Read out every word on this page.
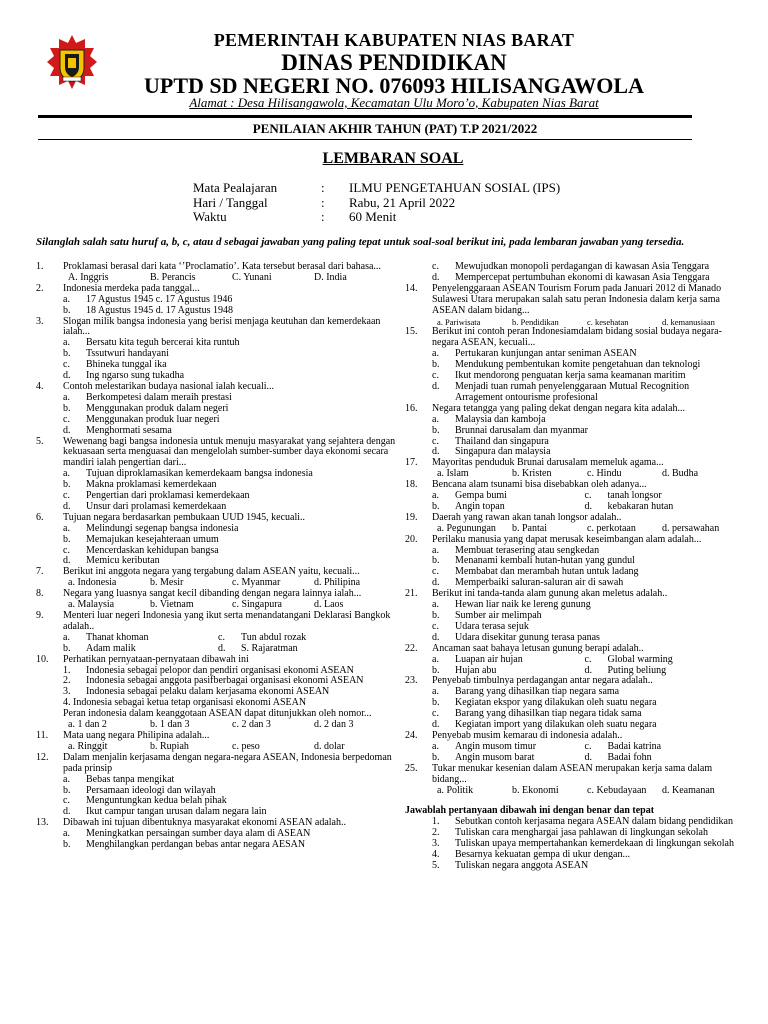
PEMERINTAH KABUPATEN NIAS BARAT
DINAS PENDIDIKAN
UPTD SD NEGERI NO. 076093 HILISANGAWOLA
Alamat : Desa Hilisangawola, Kecamatan Ulu Moro’o, Kabupaten Nias Barat
PENILAIAN AKHIR TAHUN (PAT) T.P 2021/2022
LEMBARAN SOAL
Mata Pealajaran	:	ILMU PENGETAHUAN SOSIAL (IPS)
Hari / Tanggal	:	Rabu, 21 April 2022
Waktu	:	60 Menit
Silanglah salah satu huruf a, b, c, atau d sebagai jawaban yang paling tepat untuk soal-soal berikut ini, pada lembaran jawaban yang tersedia.
1.	Proklamasi berasal dari kata ‘’Proclamatio’. Kata tersebut berasal dari bahasa...
A. Inggris	B. Perancis	C. Yunani	D. India
2.	Indonesia merdeka pada tanggal...
a.	17 Agustus 1945 c. 17 Agustus 1946
b.	18 Agustus 1945 d. 17 Agustus 1948
3.	Slogan milik bangsa indonesia yang berisi menjaga keutuhan dan kemerdekaan ialah...
a.	Bersatu kita teguh bercerai kita runtuh
b.	Tssutwuri handayani
c.	Bhineka tunggal ika
d.	Ing ngarso sung tukadha
4.	Contoh melestarikan budaya nasional ialah kecuali...
a.	Berkompetesi dalam meraih prestasi
b.	Menggunakan produk dalam negeri
c.	Menggunakan produk luar negeri
d.	Menghormati sesama
5.	Wewenang bagi bangsa indonesia untuk menuju masyarakat yang sejahtera dengan kekuasaan serta menguasai dan mengelolah sumber-sumber daya ekonomi secara mandiri ialah pengertian dari...
a.	Tujuan diproklamasikan kemerdekaam bangsa indonesia
b.	Makna proklamasi kemerdekaan
c.	Pengertian dari proklamasi kemerdekaan
d.	Unsur dari prolamasi kemerdekaan
6.	Tujuan negara berdasarkan pembukaan UUD 1945, kecuali..
a.	Melindungi segenap bangsa indonesia
b.	Memajukan kesejahteraan umum
c.	Mencerdaskan kehidupan bangsa
d.	Memicu keributan
7.	Berikut ini anggota negara yang tergabung dalam ASEAN yaitu, kecuali...
a. Indonesia	b. Mesir	c. Myanmar	d. Philipina
8.	Negara yang luasnya sangat kecil dibanding dengan negara lainnya ialah...
a. Malaysia	b. Vietnam	c. Singapura	d. Laos
9.	Menteri luar negeri Indonesia yang ikut serta menandatangani Deklarasi Bangkok adalah..
a.	Thanat khoman	c.	Tun abdul rozak
b.	Adam malik	d.	S. Rajaratman
10.	Perhatikan pernyataan-pernyataan dibawah ini
1.	Indonesia sebagai pelopor dan pendiri organisasi ekonomi ASEAN
2.	Indonesia sebagai anggota pasifberbagai organisasi ekonomi ASEAN
3.	Indonesia sebagai pelaku dalam kerjasama ekonomi ASEAN
4. Indonesia sebagai ketua tetap organisasi ekonomi ASEAN
Peran indonesia dalam keanggotaan ASEAN dapat ditunjukkan oleh nomor...
a. 1 dan 2	b. 1 dan 3	c. 2 dan 3	d. 2 dan 3
11.	Mata uang negara Philipina adalah...
a. Ringgit	b. Rupiah	c. peso	d. dolar
12.	Dalam menjalin kerjasama dengan negara-negara ASEAN, Indonesia berpedoman pada prinsip
a.	Bebas tanpa mengikat
b.	Persamaan ideologi dan wilayah
c.	Menguntungkan kedua belah pihak
d.	Ikut campur tangan urusan dalam negara lain
13.	Dibawah ini tujuan dibentuknya masyarakat ekonomi ASEAN adalah..
a.	Meningkatkan persaingan sumber daya alam di ASEAN
b.	Menghilangkan perdangan bebas antar negara AESAN
c.	Mewujudkan monopoli perdagangan di kawasan Asia Tenggara
d.	Mempercepat pertumbuhan ekonomi di kawasan Asia Tenggara
14.	Penyelenggaraan ASEAN Tourism Forum pada Januari 2012 di Manado Sulawesi Utara merupakan salah satu peran Indonesia dalam kerja sama ASEAN dalam bidang...
a. Pariwisata	b. Pendidikan	c. kesehatan	d. kemanusiaan
15.	Berikut ini contoh peran Indonesiamdalam bidang sosial budaya negara-negara ASEAN, kecuali...
a.	Pertukaran kunjungan antar seniman ASEAN
b.	Mendukung pembentukan komite pengetahuan dan teknologi
c.	Ikut mendorong penguatan kerja sama keamanan maritim
d.	Menjadi tuan rumah penyelenggaraan Mutual Recognition Arragement ontourisme profesional
16.	Negara tetangga yang paling dekat dengan negara kita adalah...
a.	Malaysia dan kamboja
b.	Brunnai darusalam dan myanmar
c.	Thailand dan singapura
d.	Singapura dan malaysia
17.	Mayoritas penduduk Brunai darusalam memeluk agama...
a. Islam	b. Kristen	c. Hindu	d. Budha
18.	Bencana alam tsunami bisa disebabkan oleh adanya...
a.	Gempa bumi	c.	tanah longsor
b.	Angin topan	d.	kebakaran hutan
19.	Daerah yang rawan akan tanah longsor adalah..
a. Pegunungan	b. Pantai	c. perkotaan	d. persawahan
20.	Perilaku manusia yang dapat merusak keseimbangan alam adalah...
a.	Membuat terasering atau sengkedan
b.	Menanami kembali hutan-hutan yang gundul
c.	Membabat dan merambah hutan untuk ladang
d.	Memperbaiki saluran-saluran air di sawah
21.	Berikut ini tanda-tanda alam gunung akan meletus adalah..
a.	Hewan liar naik ke lereng gunung
b.	Sumber air melimpah
c.	Udara terasa sejuk
d.	Udara disekitar gunung terasa panas
22.	Ancaman saat bahaya letusan gunung berapi adalah..
a.	Luapan air hujan	c.	Global warming
b.	Hujan abu	d.	Puting beliung
23.	Penyebab timbulnya perdagangan antar negara adalah..
a.	Barang yang dihasilkan tiap negara sama
b.	Kegiatan ekspor yang dilakukan oleh suatu negara
c.	Barang yang dihasilkan tiap negara tidak sama
d.	Kegiatan import yang dilakukan oleh suatu negara
24.	Penyebab musim kemarau di indonesia adalah..
a.	Angin musom timur	c.	Badai katrina
b.	Angin musom barat	d.	Badai fohn
25.	Tukar menukar kesenian dalam ASEAN merupakan kerja sama dalam bidang...
a. Politik	b. Ekonomi	c. Kebudayaan	d. Keamanan
Jawablah pertanyaan dibawah ini dengan benar dan tepat
1.	Sebutkan contoh kerjasama negara ASEAN dalam bidang pendidikan
2.	Tuliskan cara menghargai jasa pahlawan di lingkungan sekolah
3.	Tuliskan upaya mempertahankan kemerdekaan di lingkungan sekolah
4.	Besarnya kekuatan gempa di ukur dengan...
5.	Tuliskan negara anggota ASEAN
